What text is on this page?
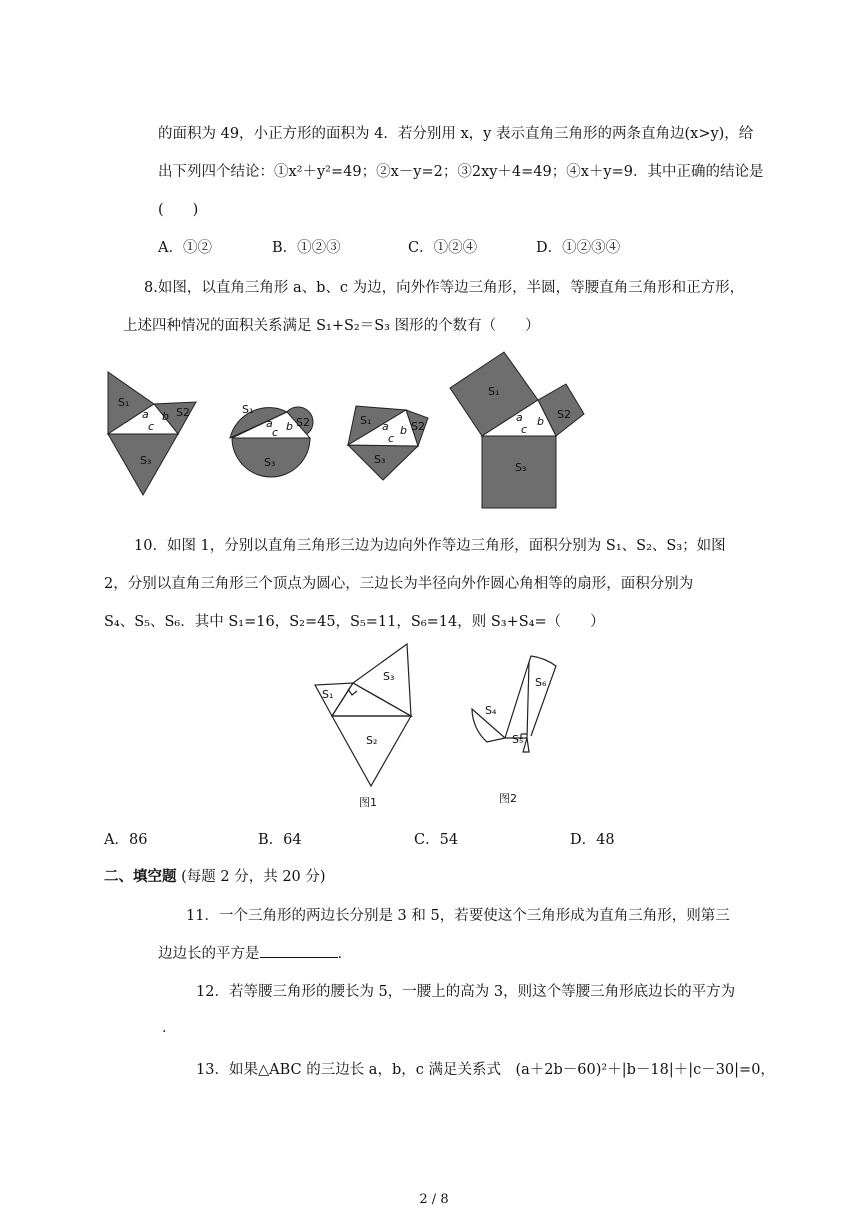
的面积为 49，小正方形的面积为 4．若分别用 x，y 表示直角三角形的两条直角边(x>y)，给
出下列四个结论：①x²＋y²=49；②x－y=2；③2xy＋4=49；④x＋y=9．其中正确的结论是
(　　)
A．①②	B．①②③	C．①②④	D．①②③④
8.如图，以直角三角形 a、b、c 为边，向外作等边三角形，半圆，等腰直角三角形和正方形，
上述四种情况的面积关系满足 S₁+S₂＝S₃ 图形的个数有（　　）
S₁
S2
S₃
a b
c
S₁
S2
S₃
a b
c
S₁	S2
S₃
a b
c
S₁
S2
S₃
a b
c
10．如图 1，分别以直角三角形三边为边向外作等边三角形，面积分别为 S₁、S₂、S₃；如图
2，分别以直角三角形三个顶点为圆心，三边长为半径向外作圆心角相等的扇形，面积分别为
S₄、S₅、S₆．其中 S₁=16，S₂=45，S₅=11，S₆=14，则 S₃+S₄=（　　）
S₁
S₃
S₂
图1
S₆
S₄
S₅
图2
A．86	B．64	C．54	D．48
二、填空题 (每题 2 分，共 20 分)
11．一个三角形的两边长分别是 3 和 5，若要使这个三角形成为直角三角形，则第三
边边长的平方是	．
12．若等腰三角形的腰长为 5，一腰上的高为 3，则这个等腰三角形底边长的平方为
．
13．如果△ABC 的三边长 a，b，c 满足关系式　(a＋2b－60)²＋|b－18|＋|c－30|=0，
2 / 8
